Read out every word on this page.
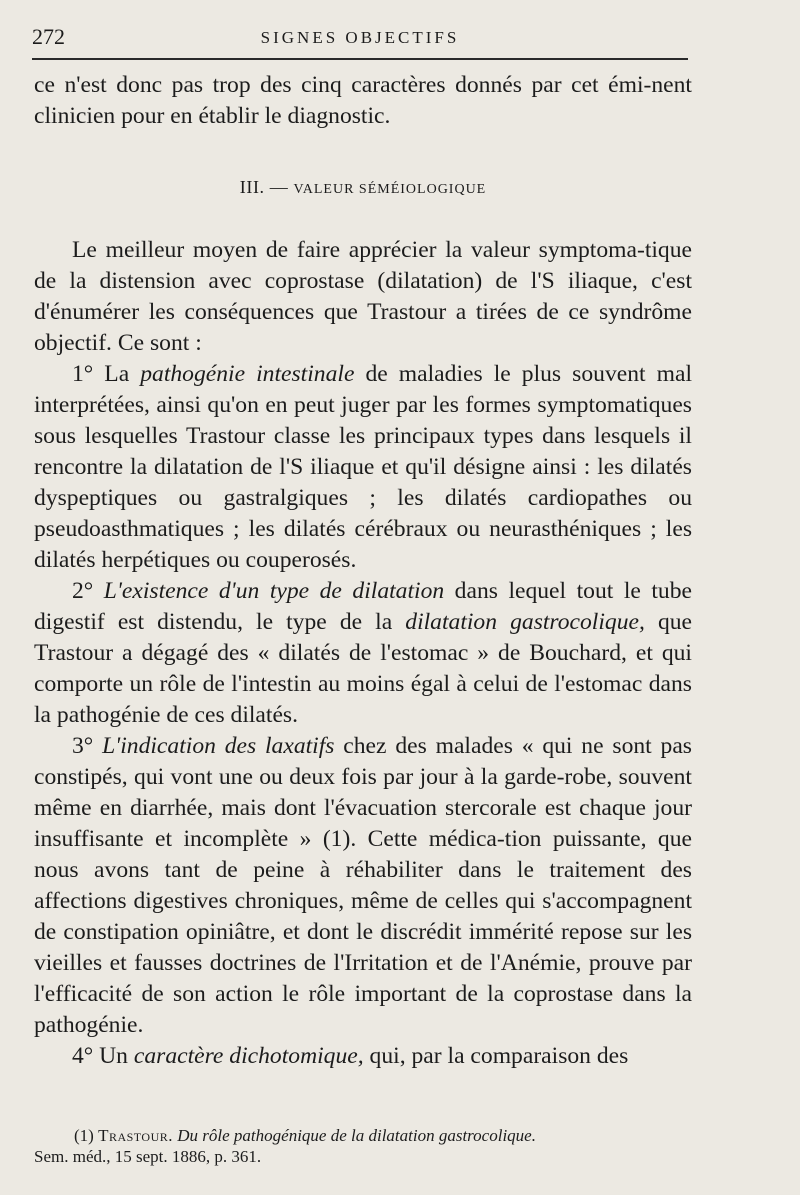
272	SIGNES OBJECTIFS

ce n'est donc pas trop des cinq caractères donnés par cet émi-nent clinicien pour en établir le diagnostic.

III. — VALEUR SÉMÉIOLOGIQUE

Le meilleur moyen de faire apprécier la valeur symptoma-tique de la distension avec coprostase (dilatation) de l'S iliaque, c'est d'énumérer les conséquences que Trastour a tirées de ce syndrôme objectif. Ce sont :

1° La pathogénie intestinale de maladies le plus souvent mal interprétées, ainsi qu'on en peut juger par les formes symptomatiques sous lesquelles Trastour classe les principaux types dans lesquels il rencontre la dilatation de l'S iliaque et qu'il désigne ainsi : les dilatés dyspeptiques ou gastralgiques ; les dilatés cardiopathes ou pseudoasthmatiques ; les dilatés cérébraux ou neurasthéniques ; les dilatés herpétiques ou couperosés.

2° L'existence d'un type de dilatation dans lequel tout le tube digestif est distendu, le type de la dilatation gastrocolique, que Trastour a dégagé des « dilatés de l'estomac » de Bouchard, et qui comporte un rôle de l'intestin au moins égal à celui de l'estomac dans la pathogénie de ces dilatés.

3° L'indication des laxatifs chez des malades « qui ne sont pas constipés, qui vont une ou deux fois par jour à la garde-robe, souvent même en diarrhée, mais dont l'évacuation stercorale est chaque jour insuffisante et incomplète » (1). Cette médica-tion puissante, que nous avons tant de peine à réhabiliter dans le traitement des affections digestives chroniques, même de celles qui s'accompagnent de constipation opiniâtre, et dont le discrédit immérité repose sur les vieilles et fausses doctrines de l'Irritation et de l'Anémie, prouve par l'efficacité de son action le rôle important de la coprostase dans la pathogénie.

4° Un caractère dichotomique, qui, par la comparaison des

(1) Trastour. Du rôle pathogénique de la dilatation gastrocolique.

Sem. méd., 15 sept. 1886, p. 361.
